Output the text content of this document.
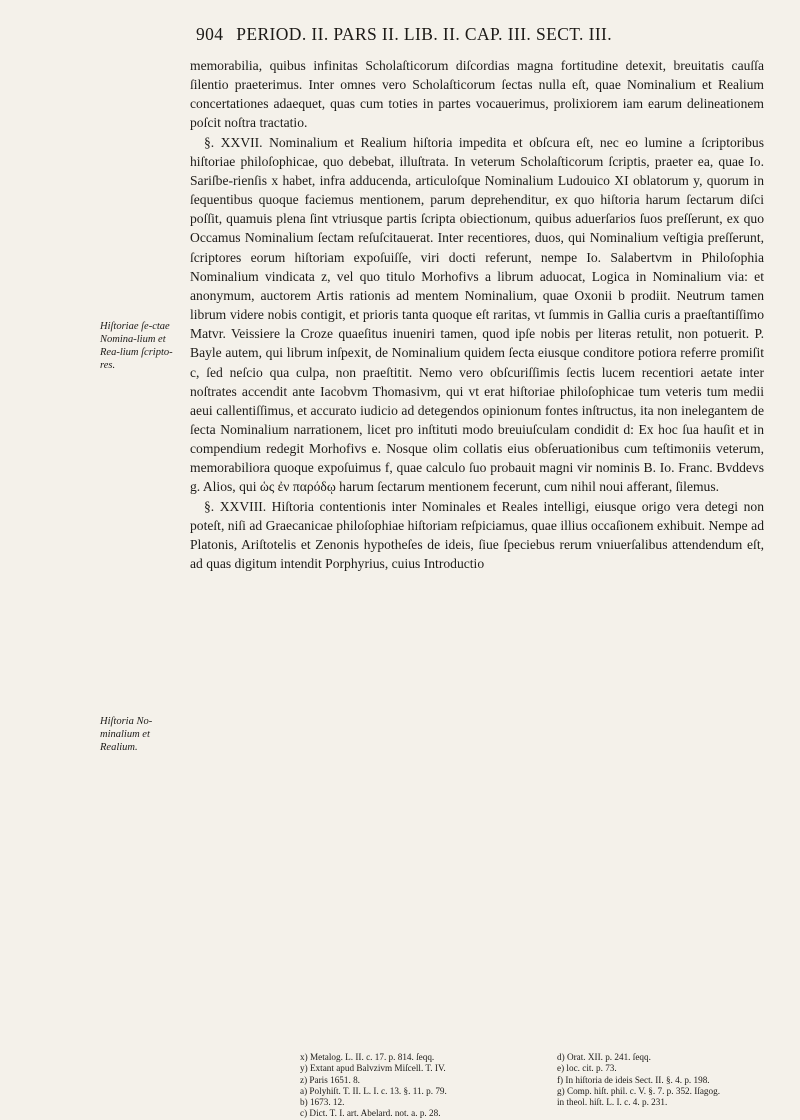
904 PERIOD. II. PARS II. LIB. II. CAP. III. SECT. III.
Hiſtoriae ſe-ctae Nomina-lium et Rea-lium ſcripto-res.
Hiſtoria No-minalium et Realium.

memorabilia, quibus infinitas Scholaſticorum diſcordias magna fortitudine detexit, breuitatis cauſſa ſilentio praeterimus. Inter omnes vero Scholaſticorum ſectas nulla eſt, quae Nominalium et Realium concertationes adaequet, quas cum toties in partes vocauerimus, prolixiorem iam earum delineationem poſcit noſtra tractatio.

§. XXVII. Nominalium et Realium hiſtoria impedita et obſcura eſt, nec eo lumine a ſcriptoribus hiſtoriae philoſophicae, quo debebat, illuſtrata. In veterum Scholaſticorum ſcriptis, praeter ea, quae Io. Sariſbe-rienſis x habet, infra adducenda, articuloſque Nominalium Ludouico XI oblatorum y, quorum in ſequentibus quoque faciemus mentionem, parum deprehenditur, ex quo hiſtoria harum ſectarum diſci poſſit, quamuis plena ſint vtriusque partis ſcripta obiectionum, quibus aduerſarios ſuos preſſerunt, ex quo Occamus Nominalium ſectam reſuſcitauerat. Inter recentiores, duos, qui Nominalium veſtigia preſſerunt, ſcriptores eorum hiſtoriam expoſuiſſe, viri docti referunt, nempe Io. Salabertvm in Philoſophia Nominalium vindicata z, vel quo titulo Morhofivs a librum aduocat, Logica in Nominalium via: et anonymum, auctorem Artis rationis ad mentem Nominalium, quae Oxonii b prodiit. Neutrum tamen librum videre nobis contigit, et prioris tanta quoque eſt raritas, vt ſummis in Gallia curis a praeſtantiſſimo Matvr. Veissiere la Croze quaeſitus inueniri tamen, quod ipſe nobis per literas retulit, non potuerit. P. Bayle autem, qui librum inſpexit, de Nominalium quidem ſecta eiusque conditore potiora referre promiſit c, ſed neſcio qua culpa, non praeſtitit. Nemo vero obſcuriſſimis ſectis lucem recentiori aetate inter noſtrates accendit ante Iacobvm Thomasivm, qui vt erat hiſtoriae philoſophicae tum veteris tum medii aeui callentiſſimus, et accurato iudicio ad detegendos opinionum fontes inſtructus, ita non inelegantem de ſecta Nominalium narrationem, licet pro inſtituti modo breuiuſculam condidit d: Ex hoc ſua hauſit et in compendium redegit Morhofivs e. Nosque olim collatis eius obſeruationibus cum teſtimoniis veterum, memorabiliora quoque expoſuimus f, quae calculo ſuo probauit magni vir nominis B. Io. Franc. Bvddevs g. Alios, qui ὡς ἐν παρόδῳ harum ſectarum mentionem fecerunt, cum nihil noui afferant, ſilemus.

§. XXVIII. Hiſtoria contentionis inter Nominales et Reales intelligi, eiusque origo vera detegi non poteſt, niſi ad Graecanicae philoſophiae hiſtoriam reſpiciamus, quae illius occaſionem exhibuit. Nempe ad Platonis, Ariſtotelis et Zenonis hypotheſes de ideis, ſiue ſpeciebus rerum vniuerſalibus attendendum eſt, ad quas digitum intendit Porphyrius, cuius Introductio

x) Metalog. L. II. c. 17. p. 814. ſeqq.
y) Extant apud Balvzivm Miſcell. T. IV.
z) Paris 1651. 8.
a) Polyhiſt. T. II. L. I. c. 13. §. 11. p. 79.
b) 1673. 12.
c) Dict. T. I. art. Abelard. not. a. p. 28.
d) Orat. XII. p. 241. ſeqq.
e) loc. cit. p. 73.
f) In hiſtoria de ideis Sect. II. §. 4. p. 198.
g) Comp. hiſt. phil. c. V. §. 7. p. 352. Iſagog.
in theol. hiſt. L. I. c. 4. p. 231.
